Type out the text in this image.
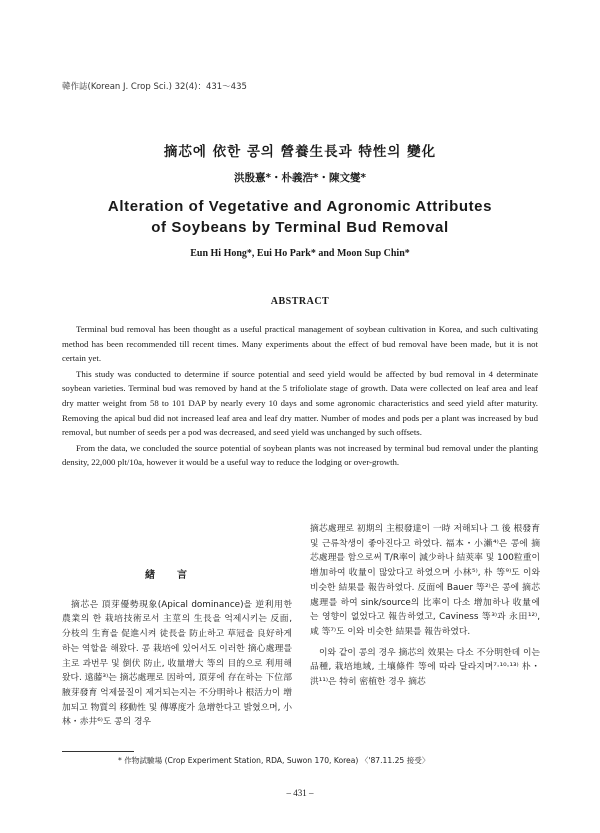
韓作誌(Korean J. Crop Sci.) 32(4)：431～435
摘芯에 依한 콩의 營養生長과 特性의 變化
洪殷憙*・朴義浩*・陳文燮*
Alteration of Vegetative and Agronomic Attributes
of Soybeans by Terminal Bud Removal
Eun Hi Hong*, Eui Ho Park* and Moon Sup Chin*
ABSTRACT

Terminal bud removal has been thought as a useful practical management of soybean cultivation in Korea, and such cultivating method has been recommended till recent times. Many experiments about the effect of bud removal have been made, but it is not certain yet.

This study was conducted to determine if source potential and seed yield would be affected by bud removal in 4 determinate soybean varieties. Terminal bud was removed by hand at the 5 trifoliolate stage of growth. Data were collected on leaf area and leaf dry matter weight from 58 to 101 DAP by nearly every 10 days and some agronomic characteristics and seed yield after maturity. Removing the apical bud did not increased leaf area and leaf dry matter. Number of modes and pods per a plant was increased by bud removal, but number of seeds per a pod was decreased, and seed yield was unchanged by such offsets.

From the data, we concluded the source potential of soybean plants was not increased by terminal bud removal under the planting density, 22,000 plt/10a, however it would be a useful way to reduce the lodging or over-growth.

緖言

摘芯은 頂芽優勢現象(Apical dominance)을 逆利用한 農業의 한 栽培技術로서 主莖의 生長을 억제시키는 反面, 分枝의 生育을 促進시켜 徒長을 防止하고 草冠을 良好하게 하는 역할을 해왔다. 콩 栽培에 있어서도 이러한 摘心處理를 主로 과번무 및 倒伏 防止, 收量增大 等의 目的으로 利用해 왔다. 遠藤³⁾는 摘芯處理로 因하여, 頂芽에 存在하는 下位部 腋芽發育 억제물질이 제거되는지는 不分明하나 根活力이 增加되고 物質의 移動性 및 傳導度가 急增한다고 밝혔으며, 小林・赤井⁶⁾도 콩의 경우

摘芯處理로 初期의 主根發達이 一時 저해되나 그 後 根發育 및 근류착생이 좋아진다고 하였다. 福本・小瀨⁴⁾은 콩에 摘芯處理를 함으로써 T/R率이 減少하나 結莢率 및 100粒重이 增加하여 收量이 많았다고 하였으며 小林⁵⁾, 朴 等⁹⁾도 이와 비슷한 結果를 報告하였다. 反面에 Bauer 等²⁾은 콩에 摘芯處理를 하여 sink/source의 比率이 다소 增加하나 收量에는 영향이 없었다고 報告하였고, Caviness 等³⁾과 永田¹²⁾, 咸 等⁷⁾도 이와 비슷한 結果를 報告하였다.

이와 같이 콩의 경우 摘芯의 效果는 다소 不分明한데 이는 品種, 栽培地域, 土壤條件 等에 따라 달라지며⁷·¹⁰·¹³⁾ 朴・洪¹¹⁾은 特히 密植한 경우 摘芯

* 作物試驗場 (Crop Experiment Station, RDA, Suwon 170, Korea) 〈'87.11.25 接受〉
– 431 –
